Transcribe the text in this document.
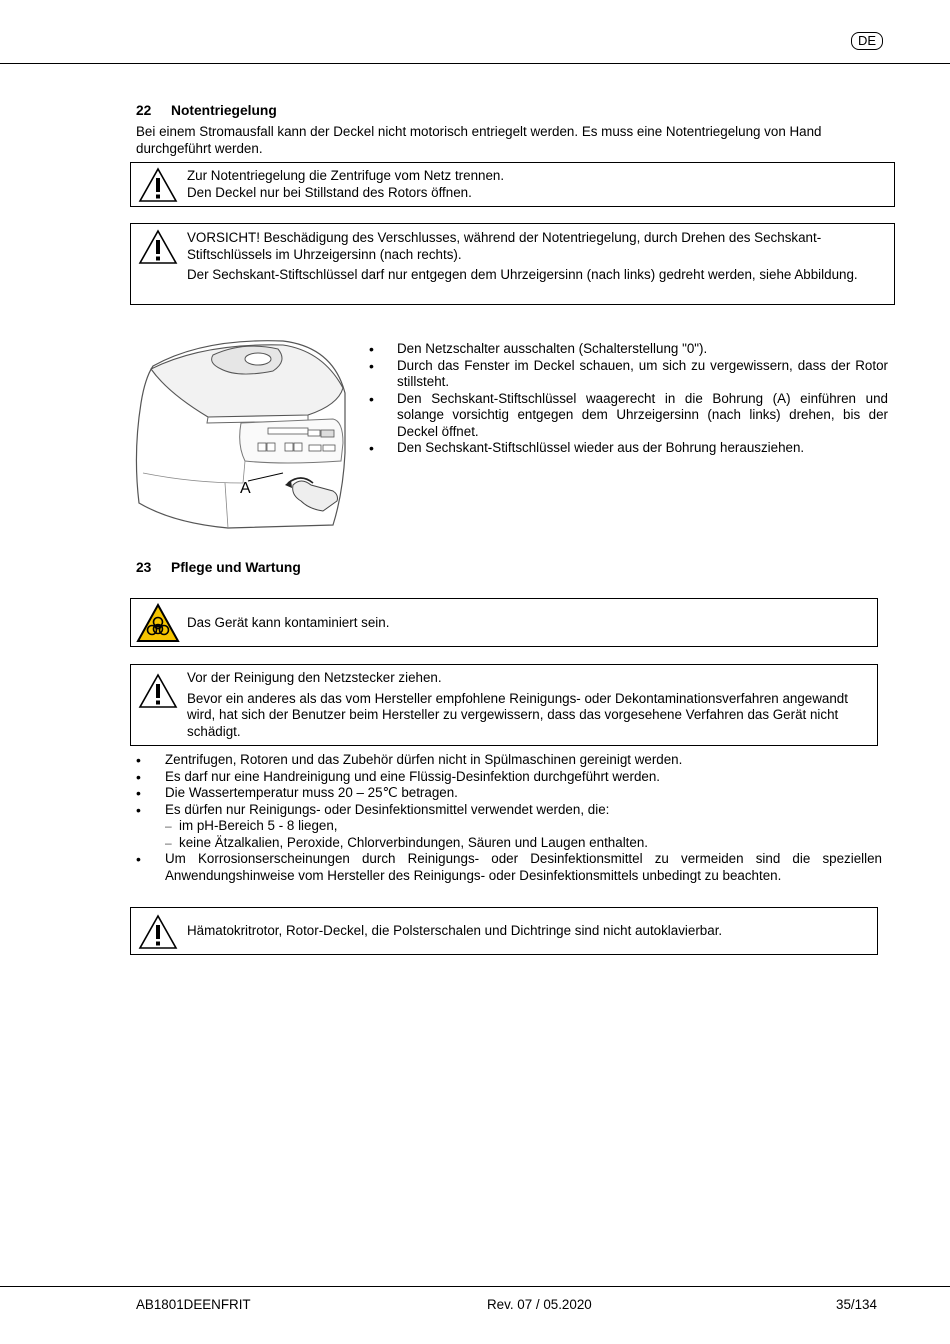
DE
22 Notentriegelung

Bei einem Stromausfall kann der Deckel nicht motorisch entriegelt werden. Es muss eine Notentriegelung von Hand durchgeführt werden.

Zur Notentriegelung die Zentrifuge vom Netz trennen.
Den Deckel nur bei Stillstand des Rotors öffnen.

VORSICHT! Beschädigung des Verschlusses, während der Notentriegelung, durch Drehen des Sechskant-Stiftschlüssels im Uhrzeigersinn (nach rechts).

Der Sechskant-Stiftschlüssel darf nur entgegen dem Uhrzeigersinn (nach links) gedreht werden, siehe Abbildung.

A
• Den Netzschalter ausschalten (Schalterstellung "0").
• Durch das Fenster im Deckel schauen, um sich zu vergewissern, dass der Rotor stillsteht.
• Den Sechskant-Stiftschlüssel waagerecht in die Bohrung (A) einführen und solange vorsichtig entgegen dem Uhrzeigersinn (nach links) drehen, bis der Deckel öffnet.
• Den Sechskant-Stiftschlüssel wieder aus der Bohrung herausziehen.
23 Pflege und Wartung
Das Gerät kann kontaminiert sein.

Vor der Reinigung den Netzstecker ziehen.

Bevor ein anderes als das vom Hersteller empfohlene Reinigungs- oder Dekontaminationsverfahren angewandt wird, hat sich der Benutzer beim Hersteller zu vergewissern, dass das vorgesehene Verfahren das Gerät nicht schädigt.

• Zentrifugen, Rotoren und das Zubehör dürfen nicht in Spülmaschinen gereinigt werden.
• Es darf nur eine Handreinigung und eine Flüssig-Desinfektion durchgeführt werden.
• Die Wassertemperatur muss 20 – 25℃ betragen.
• Es dürfen nur Reinigungs- oder Desinfektionsmittel verwendet werden, die:
– im pH-Bereich 5 - 8 liegen,
– keine Ätzalkalien, Peroxide, Chlorverbindungen, Säuren und Laugen enthalten.
• Um Korrosionserscheinungen durch Reinigungs- oder Desinfektionsmittel zu vermeiden sind die speziellen Anwendungshinweise vom Hersteller des Reinigungs- oder Desinfektionsmittels unbedingt zu beachten.
Hämatokritrotor, Rotor-Deckel, die Polsterschalen und Dichtringe sind nicht autoklavierbar.
AB1801DEENFRIT	Rev. 07 / 05.2020	35/134
